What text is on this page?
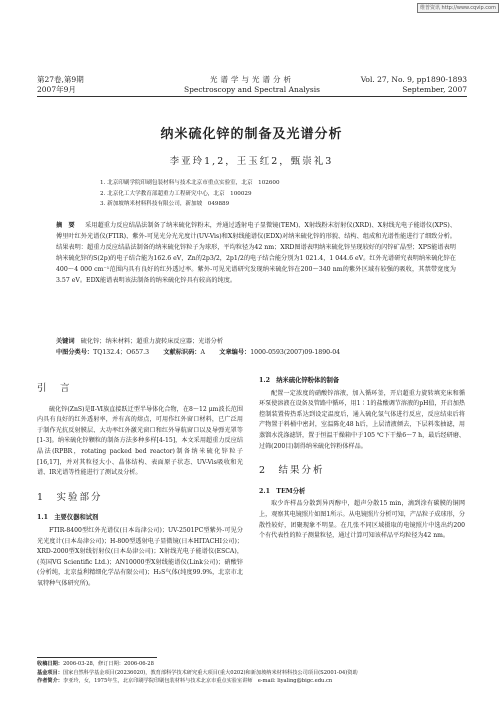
维普资讯 http://www.cqvip.com
第27卷,第9期	光谱学与光谱分析	Vol. 27, No. 9, pp1890-1893
2007年9月	Spectroscopy and Spectral Analysis	September, 2007
纳米硫化锌的制备及光谱分析
李亚玲1,2，王玉红2，甄崇礼3
1. 北京印刷学院印刷包装材料与技术北京市重点实验室，北京　102600
2. 北京化工大学教育部超重力工程研究中心，北京　100029
3. 新加坡纳米材料科技有限公司，新加坡　049889
摘　要 　 采用超重力反应结晶法制备了纳米硫化锌粉末，并通过透射电子显微镜(TEM)、X射线粉末衍射仪(XRD)、X射线光电子能谱仪(XPS)、傅里叶红外光谱仪(FTIR)、紫外-可见光分光光度计(UV-Vis)和X射线能谱仪(EDX)对纳米硫化锌的形貌、结构、组成和光谱性能进行了细致分析。结果表明：超重力反应结晶法制备的纳米硫化锌粒子为球形，平均粒径为42 nm；XRD图谱表明纳米硫化锌呈现较好的闪锌矿晶型；XPS能谱表明纳米硫化锌的S(2p)的电子结合能为162.6 eV，Zn的2p3/2，2p1/2的电子结合能分别为1 021.4，1 044.6 eV。红外光谱研究表明纳米硫化锌在400～4 000 cm⁻¹范围内具有良好的红外透过率。紫外-可见光谱研究发现纳米硫化锌在200～340 nm的紫外区域有较强的吸收，其禁带宽度为3.57 eV。EDX能谱表明该法制备的纳米硫化锌具有较高的纯度。
关键词　 硫化锌；纳米材料；超重力旋转床反应器；光谱分析
中图分类号：TQ132.4；O657.3 　　 文献标识码：A 　　 文章编号：1000-0593(2007)09-1890-04
引　言

硫化锌(ZnS)是Ⅱ-Ⅵ族直接跃迁型半导体化合物，在8～12 μm波长范围内具有良好的红外透射率，并有高的熔点，可用作红外窗口材料，已广泛用于制作光抗反射膜层、大功率红外激光窗口和红外导航窗口以及导弹光罩等[1-3]。纳米硫化锌颗粒的制备方法多种多样[4-15]，本文采用超重力反应结晶法(RPBR，rotating packed bed reactor)制备纳米硫化锌粒子[16,17]，并对其粒径大小、晶体结构、表面原子状态、UV-Vis吸收和光谱、IR光谱等性能进行了测试及分析。

1　实验部分
1.1　主要仪器和试剂

FTIR-8400型红外光谱仪(日本岛津公司)；UV-2501PC型紫外-可见分光光度计(日本岛津公司)；H-800型透射电子显微镜(日本HITACHI公司)；XRD-2000型X射线衍射仪(日本岛津公司)；X射线光电子能谱仪(ESCA)，(英国VG Scientific Ltd.)；AN10000型X射线能谱仪(Link公司)；硝酸锌(分析纯，北京益利精细化学品有限公司)；H₂S气体(纯度99.9%，北京市北氧特种气体研究所)。

1.2　纳米硫化锌粉体的制备

配置一定浓度的硝酸锌溶液，加入循环釜，开启超重力旋转填充床和循环泵使溶液在设备及管路中循环，用1∶1的盐酸调节溶液的pH值，开启加热控制装置传热系达到设定温度后，通入硫化氢气体进行反应，反应结束后将产物置于料桶中密封，室温陈化48 h后，上层清液倾去，下层料浆抽滤，用蒸馏水洗涤滤饼，置于恒温干燥箱中于105 ℃下干燥6～7 h，最后经研磨、过筛(200目)制得纳米硫化锌粉体样品。

2　结果分析
2.1　TEM分析

取少许样品分散到异丙醇中，超声分散15 min，滴到涂有碳膜的铜网上，观察其电镜照片如图1所示。从电镜照片分析可知，产品粒子成球形，分散性较好，团聚现象不明显。在几张不同区域摄取的电镜照片中选出约200个有代表性的粒子测量粒径，通过计算可知该样品平均粒径为42 nm。

收稿日期：2006-03-28，修订日期：2006-06-28
基金项目：国家自然科学基金项目(20236020)，教育部科学技术研究重大项目(重大0202)和新加坡纳米材料科技公司项目(S2001-04)资助
作者简介：李亚玲，女，1975年生，北京印刷学院印刷包装材料与技术北京市重点实验室讲师　 e-mail: liyaling@bigc.edu.cn
